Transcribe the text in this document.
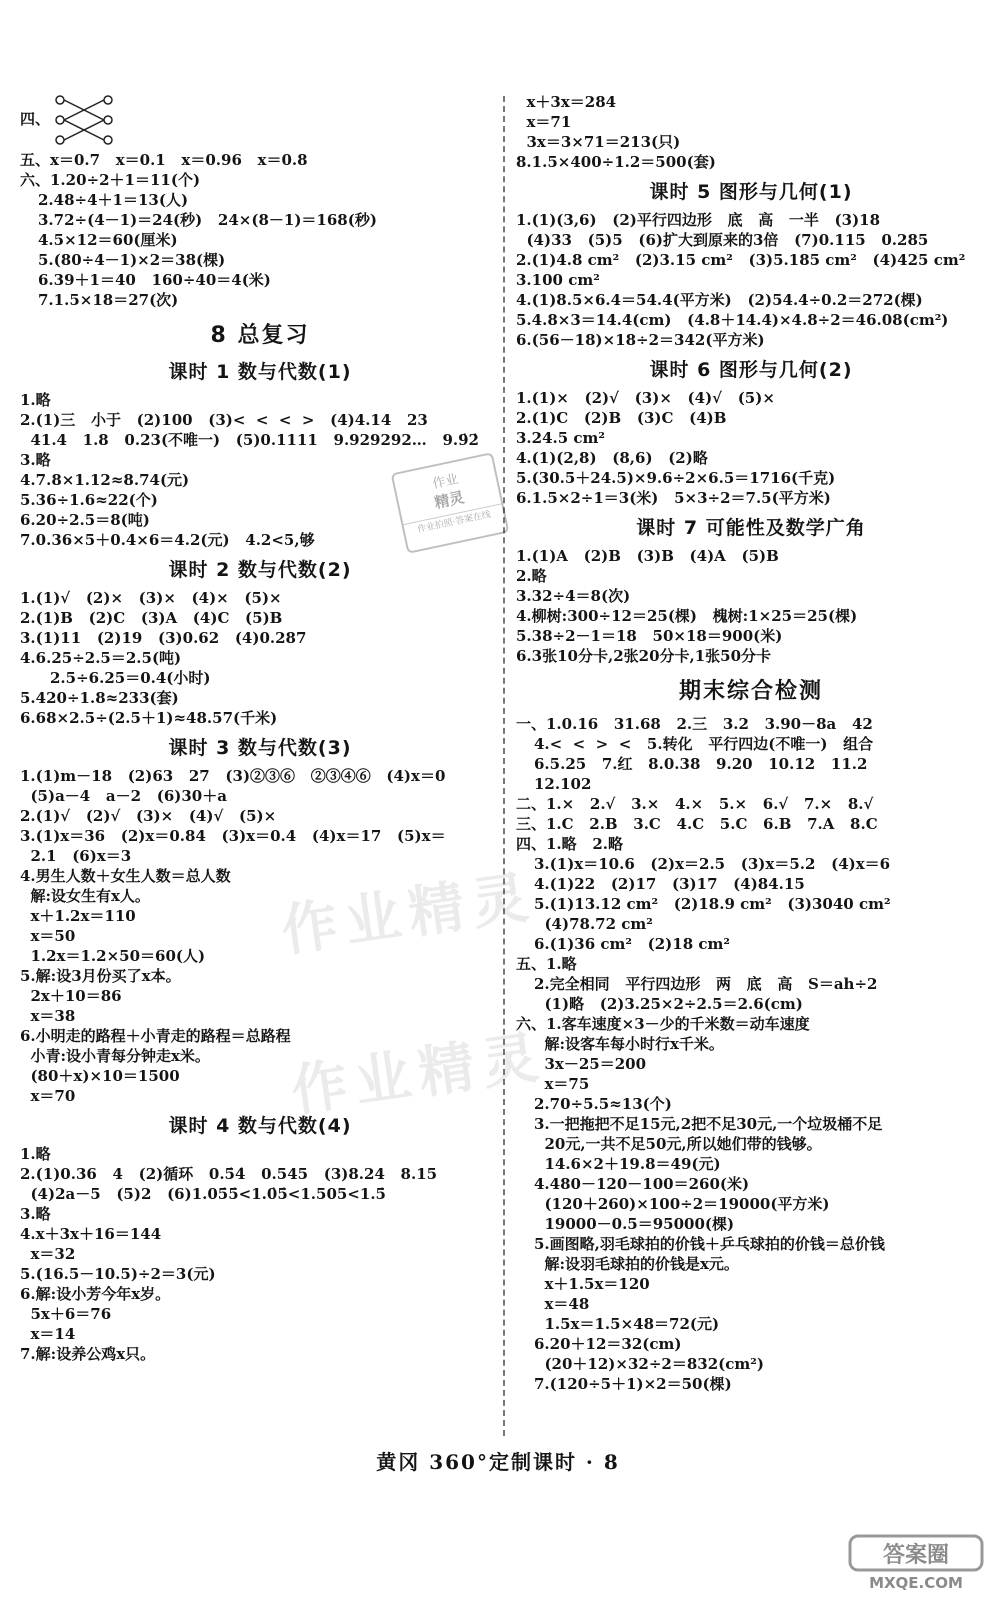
四、
五、x＝0.7   x＝0.1   x＝0.96   x＝0.8
六、1.20÷2＋1＝11(个)
2.48÷4＋1＝13(人)
3.72÷(4－1)＝24(秒)   24×(8－1)＝168(秒)
4.5×12＝60(厘米)
5.(80÷4－1)×2＝38(棵)
6.39＋1＝40   160÷40＝4(米)
7.1.5×18＝27(次)
8 总复习
课时 1 数与代数(1)
1.略
2.(1)三   小于   (2)100   (3)<  <  <  >   (4)4.14   23
41.4   1.8   0.23(不唯一)   (5)0.1111   9.929292…   9.9̇2̇
3.略
4.7.8×1.12≈8.74(元)
5.36÷1.6≈22(个)
6.20÷2.5＝8(吨)
7.0.36×5＋0.4×6＝4.2(元)   4.2<5,够
课时 2 数与代数(2)
1.(1)√   (2)×   (3)×   (4)×   (5)×
2.(1)B   (2)C   (3)A   (4)C   (5)B
3.(1)11   (2)19   (3)0.62   (4)0.287
4.6.25÷2.5＝2.5(吨)
2.5÷6.25＝0.4(小时)
5.420÷1.8≈233(套)
6.68×2.5÷(2.5＋1)≈48.57(千米)
课时 3 数与代数(3)
1.(1)m－18   (2)63   27   (3)②③⑥   ②③④⑥   (4)x＝0
(5)a－4   a－2   (6)30＋a
2.(1)√   (2)√   (3)×   (4)√   (5)×
3.(1)x＝36   (2)x＝0.84   (3)x＝0.4   (4)x＝17   (5)x＝
2.1   (6)x＝3
4.男生人数＋女生人数＝总人数
解:设女生有x人。
x＋1.2x＝110
x＝50
1.2x＝1.2×50＝60(人)
5.解:设3月份买了x本。
2x＋10＝86
x＝38
6.小明走的路程＋小青走的路程＝总路程
小青:设小青每分钟走x米。
(80＋x)×10＝1500
x＝70
课时 4 数与代数(4)
1.略
2.(1)0.36   4   (2)循环   0.5̇4̇   0.545   (3)8.24   8.15
(4)2a－5   (5)2   (6)1.05̇5̇<1.0̇5̇<1.505<1.5̇
3.略
4.x＋3x＋16＝144
x＝32
5.(16.5－10.5)÷2＝3(元)
6.解:设小芳今年x岁。
5x＋6＝76
x＝14
7.解:设养公鸡x只。
x＋3x＝284
x＝71
3x＝3×71＝213(只)
8.1.5×400÷1.2＝500(套)
课时 5 图形与几何(1)
1.(1)(3,6)   (2)平行四边形   底   高   一半   (3)18
(4)33   (5)5   (6)扩大到原来的3倍   (7)0.115   0.285
2.(1)4.8 cm²   (2)3.15 cm²   (3)5.185 cm²   (4)425 cm²
3.100 cm²
4.(1)8.5×6.4＝54.4(平方米)   (2)54.4÷0.2＝272(棵)
5.4.8×3＝14.4(cm)   (4.8＋14.4)×4.8÷2＝46.08(cm²)
6.(56－18)×18÷2＝342(平方米)
课时 6 图形与几何(2)
1.(1)×   (2)√   (3)×   (4)√   (5)×
2.(1)C   (2)B   (3)C   (4)B
3.24.5 cm²
4.(1)(2,8)   (8,6)   (2)略
5.(30.5＋24.5)×9.6÷2×6.5＝1716(千克)
6.1.5×2÷1＝3(米)   5×3÷2＝7.5(平方米)
课时 7 可能性及数学广角
1.(1)A   (2)B   (3)B   (4)A   (5)B
2.略
3.32÷4＝8(次)
4.柳树:300÷12＝25(棵)   槐树:1×25＝25(棵)
5.38÷2－1＝18   50×18＝900(米)
6.3张10分卡,2张20分卡,1张50分卡
期末综合检测
一、1.0.16   31.68   2.三   3.2   3.90－8a   42
4.<  <  >  <   5.转化   平行四边(不唯一)   组合
6.5.25   7.红   8.0.38   9.20   10.12   11.2
12.102
二、1.×   2.√   3.×   4.×   5.×   6.√   7.×   8.√
三、1.C   2.B   3.C   4.C   5.C   6.B   7.A   8.C
四、1.略   2.略
3.(1)x＝10.6   (2)x＝2.5   (3)x＝5.2   (4)x＝6
4.(1)22   (2)17   (3)17   (4)84.15
5.(1)13.12 cm²   (2)18.9 cm²   (3)3040 cm²
(4)78.72 cm²
6.(1)36 cm²   (2)18 cm²
五、1.略
2.完全相同   平行四边形   两   底   高   S＝ah÷2
(1)略   (2)3.25×2÷2.5＝2.6(cm)
六、1.客车速度×3－少的千米数＝动车速度
解:设客车每小时行x千米。
3x－25＝200
x＝75
2.70÷5.5≈13(个)
3.一把拖把不足15元,2把不足30元,一个垃圾桶不足
20元,一共不足50元,所以她们带的钱够。
14.6×2＋19.8＝49(元)
4.480－120－100＝260(米)
(120＋260)×100÷2＝19000(平方米)
19000－0.5＝95000(棵)
5.画图略,羽毛球拍的价钱＋乒乓球拍的价钱＝总价钱
解:设羽毛球拍的价钱是x元。
x＋1.5x＝120
x＝48
1.5x＝1.5×48＝72(元)
6.20＋12＝32(cm)
(20＋12)×32÷2＝832(cm²)
7.(120÷5＋1)×2＝50(棵)
作业精灵
作业精灵
作业
精灵
作业拍照·答案在线
黄冈 360°定制课时 · 8
答案圈
MXQE.COM
